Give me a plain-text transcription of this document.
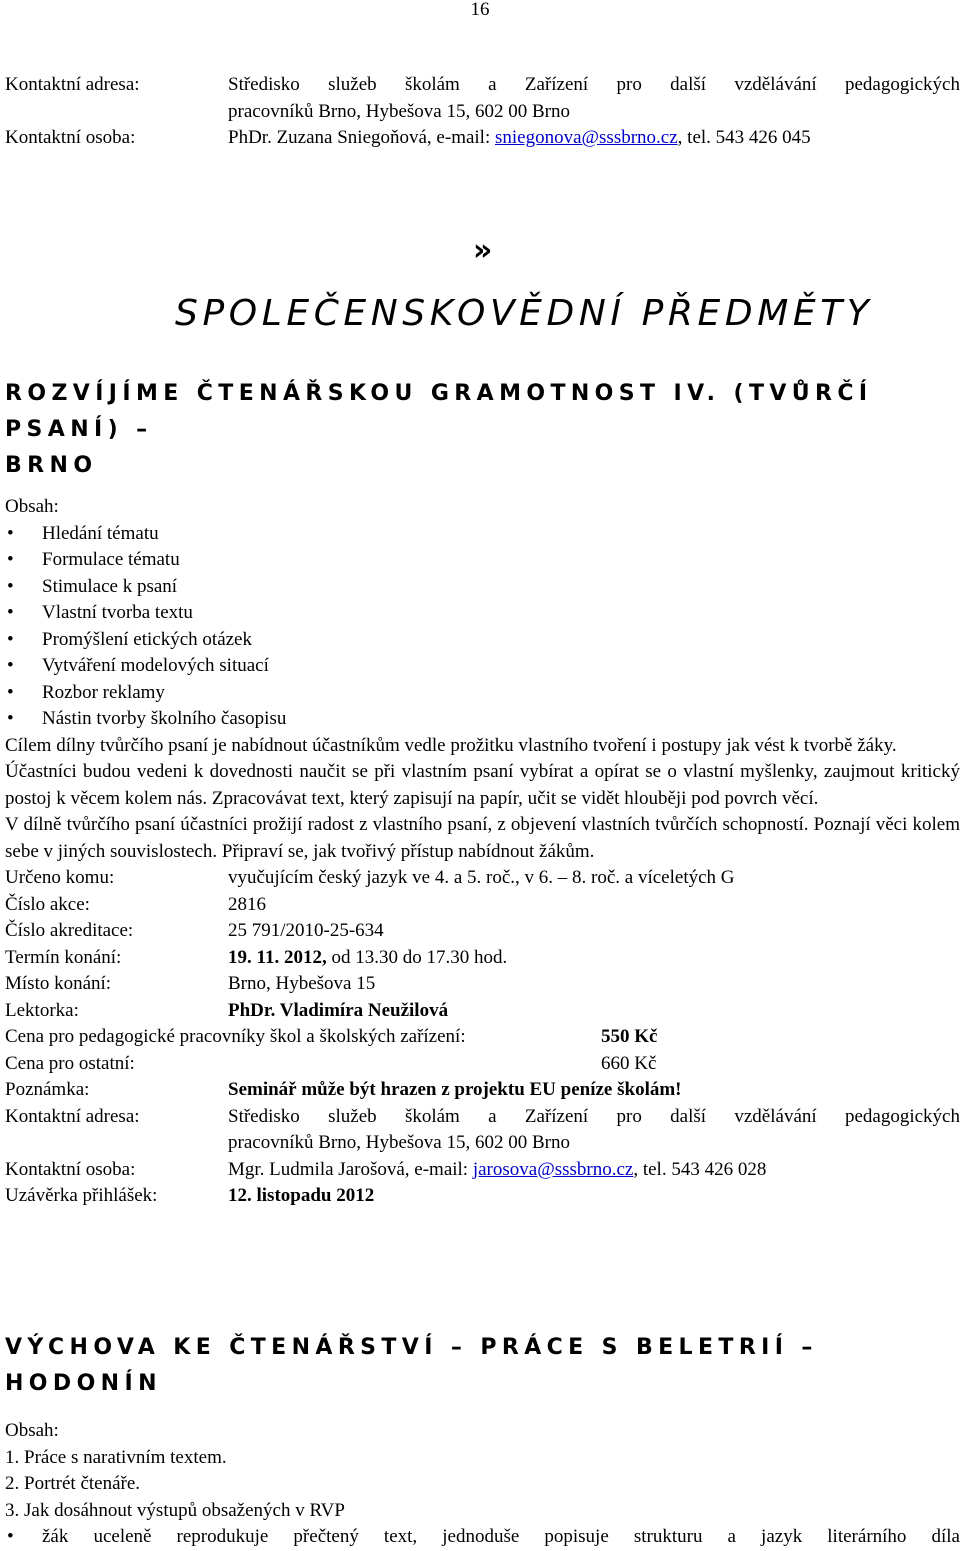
16
Kontaktní adresa:	Středisko služeb školám a Zařízení pro další vzdělávání pedagogických
pracovníků Brno, Hybešova 15, 602 00 Brno
Kontaktní osoba:	PhDr. Zuzana Sniegoňová, e-mail: sniegonova@sssbrno.cz, tel. 543 426 045
»
SPOLEČENSKOVĚDNÍ PŘEDMĚTY
ROZVÍJÍME ČTENÁŘSKOU GRAMOTNOST IV. (TVŮRČÍ PSANÍ) –
BRNO
Obsah:
• Hledání tématu
• Formulace tématu
• Stimulace k psaní
• Vlastní tvorba textu
• Promýšlení etických otázek
• Vytváření modelových situací
• Rozbor reklamy
• Nástin tvorby školního časopisu
Cílem dílny tvůrčího psaní je nabídnout účastníkům vedle prožitku vlastního tvoření i postupy jak vést k tvorbě žáky.
Účastníci budou vedeni k dovednosti naučit se při vlastním psaní vybírat a opírat se o vlastní myšlenky, zaujmout kritický postoj k věcem kolem nás. Zpracovávat text, který zapisují na papír, učit se vidět hlouběji pod povrch věcí.
V dílně tvůrčího psaní účastníci prožijí radost z vlastního psaní, z objevení vlastních tvůrčích schopností. Poznají věci kolem sebe v jiných souvislostech. Připraví se, jak tvořivý přístup nabídnout žákům.
Určeno komu:	vyučujícím český jazyk ve 4. a 5. roč., v 6. – 8. roč. a víceletých G
Číslo akce:	2816
Číslo akreditace:	25 791/2010-25-634
Termín konání:	19. 11. 2012, od 13.30 do 17.30 hod.
Místo konání:	Brno, Hybešova 15
Lektorka:	PhDr. Vladimíra Neužilová
Cena pro pedagogické pracovníky škol a školských zařízení:	550 Kč
Cena pro ostatní:	660 Kč
Poznámka:	Seminář může být hrazen z projektu EU peníze školám!
Kontaktní adresa:	Středisko služeb školám a Zařízení pro další vzdělávání pedagogických
pracovníků Brno, Hybešova 15, 602 00 Brno
Kontaktní osoba:	Mgr. Ludmila Jarošová, e-mail: jarosova@sssbrno.cz, tel. 543 426 028
Uzávěrka přihlášek:	12. listopadu 2012
VÝCHOVA KE ČTENÁŘSTVÍ – PRÁCE S BELETRIÍ – HODONÍN
Obsah:
1. Práce s narativním textem.
2. Portrét čtenáře.
3. Jak dosáhnout výstupů obsažených v RVP
• žák uceleně reprodukuje přečtený text, jednoduše popisuje strukturu a jazyk literárního díla
